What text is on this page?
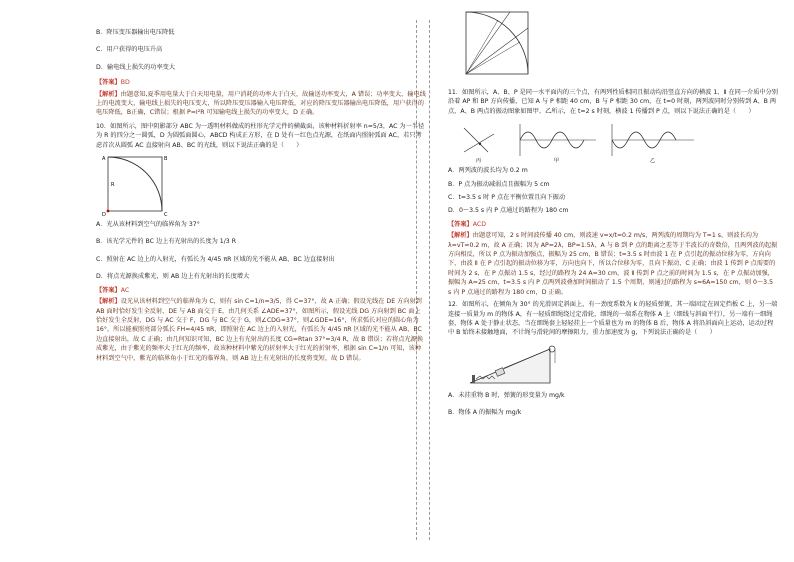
B．降压变压器输出电压降低

C．用户获得的电压升高

D．输电线上损失的功率变大

【答案】BD

【解析】由题意知,夏季用电量大于白天用电量，用户消耗的功率大于白天，故输送功率变大，A 错误；功率变大，输电线上的电流变大，输电线上损失的电压变大，所以降压变压器输入电压降低，对应的降压变压器输出电压降低，用户获得的电压降低，B正确，C错误；根据 P=I²R 可知输电线上损失的功率变大，D 正确。

10．如图所示，图中阴影部分 ABC 为一透明材料做成的柱形光学元件的横截面，该种材料折射率 n=5/3，AC 为一半径为 R 的四分之一圆弧，D 为圆弧面圆心，ABCD 构成正方形，在 D 处有一红色点光源，在纸面内照射弧面 AC，若只考虑首次从圆弧 AC 直接射向 AB、BC 的光线，则以下说法正确的是（　　）

A	B
C
D
R

A．光从该材料到空气的临界角为 37°

B．该光学元件的 BC 边上有光射出的长度为 1/3 R

C．照射在 AC 边上的入射光，有弧长为 4/45 πR 区域的光不能从 AB、BC 边直接射出

D．将点光源换成紫光，则 AB 边上有光射出的长度增大

【答案】AC

【解析】设光从该材料到空气的临界角为 C，则有 sin C=1/n=3/5，得 C=37°，故 A 正确；假设光线在 DE 方向射到 AB 面时恰好发生全反射，DE 与 AB 面交于 E，由几何关系 ∠ADE=37°，如图所示，假设光线 DG 方向射到 BC 面上恰好发生全反射，DG 与 AC 交于 F，DG 与 BC 交于 G，则∠CDG=37°，则∠GDE=16°，所求弧长对应的圆心角为 16°，所以能被照亮部分弧长 FH=4/45 πR，即照射在 AC 边上的入射光，有弧长为 4/45 πR 区域的光不能从 AB、BC 边直接射出，故 C 正确；由几何知识可知，BC 边上有光射出的长度 CG=Rtan 37°=3/4 R，故 B 错误；若将点光源换成紫光，由于紫光的频率大于红光的频率，故该种材料中紫光的折射率大于红光的折射率，根据 sin C=1/n 可知，该种材料到空气中，紫光的临界角小于红光的临界角，则 AB 边上有光射出的长度将变短，故 D 错误。

11．如图所示，A、B、P 是同一水平面内的三个点，有两列性质相同且振动均沿竖直方向的横波 1、Ⅱ 在同一介质中分别沿着 AP 和 BP 方向传播，已知 A 与 P 相距 40 cm，B 与 P 相距 30 cm，在 t=0 时刻，两列波同时分别传到 A、B 两点，A、B 两点的振动图象如图甲、乙所示，在 t=2 s 时刻，横波 1 传播到 P 点，则以下说法正确的是（　　）

丙	甲	乙

A．两列波的波长均为 0.2 m

B．P 点为振动减弱点且振幅为 5 cm

C．t=3.5 s 时 P 点在平衡位置且向下振动

D．0～3.5 s 内 P 点通过的路程为 180 cm

【答案】ACD

【解析】由题意可知，2 s 时间波传播 40 cm，则波速 v=x/t=0.2 m/s，两列波的周期均为 T=1 s，则波长均为 λ=vT=0.2 m，故 A 正确；因为 AP=2λ，BP=1.5λ，A 与 B 到 P 点的距离之差等于半波长的奇数倍，且两列波的起振方向相反，所以 P 点为振动加强点，振幅为 25 cm，B 错误；t=3.5 s 时由波 1 在 P 点引起的振动位移为零，方向向下，由波 Ⅱ 在 P 点引起的振动位移为零，方向也向下，所以合位移为零，且向下振动，C 正确；由波 1 传到 P 点需要的时间为 2 s，在 P 点振动 1.5 s，经过的路程为 24 A=30 cm，波 Ⅱ 传到 P 点之前的时间为 1.5 s，在 P 点振动加强，振幅为 A=25 cm，t=3.5 s 内 P 点两列波叠加时间振动了 1.5 个周期，则通过的路程为 s=6A=150 cm，则 0～3.5 s 内 P 点通过的路程为 180 cm，D 正确。

12．如图所示，在倾角为 30° 的光滑固定斜面上，有一劲度系数为 k 的轻质弹簧，其一端固定在固定挡板 C 上，另一端连接一质量为 m 的物体 A，有一轻质细绳绕过定滑轮，细绳的一端系在物体 A 上（细线与斜面平行），另一端有一细绳套，物体 A 处于静止状态，当在细绳套上轻轻挂上一个质量也为 m 的物体 B 后，物体 A 将沿斜面向上运动，运动过程中 B 始终未接触地面，不计绳与滑轮间的摩擦阻力，重力加速度为 g，下列说法正确的是（　　）

A．未挂重物 B 时，弹簧的形变量为 mg/k

B．物体 A 的振幅为 mg/k
